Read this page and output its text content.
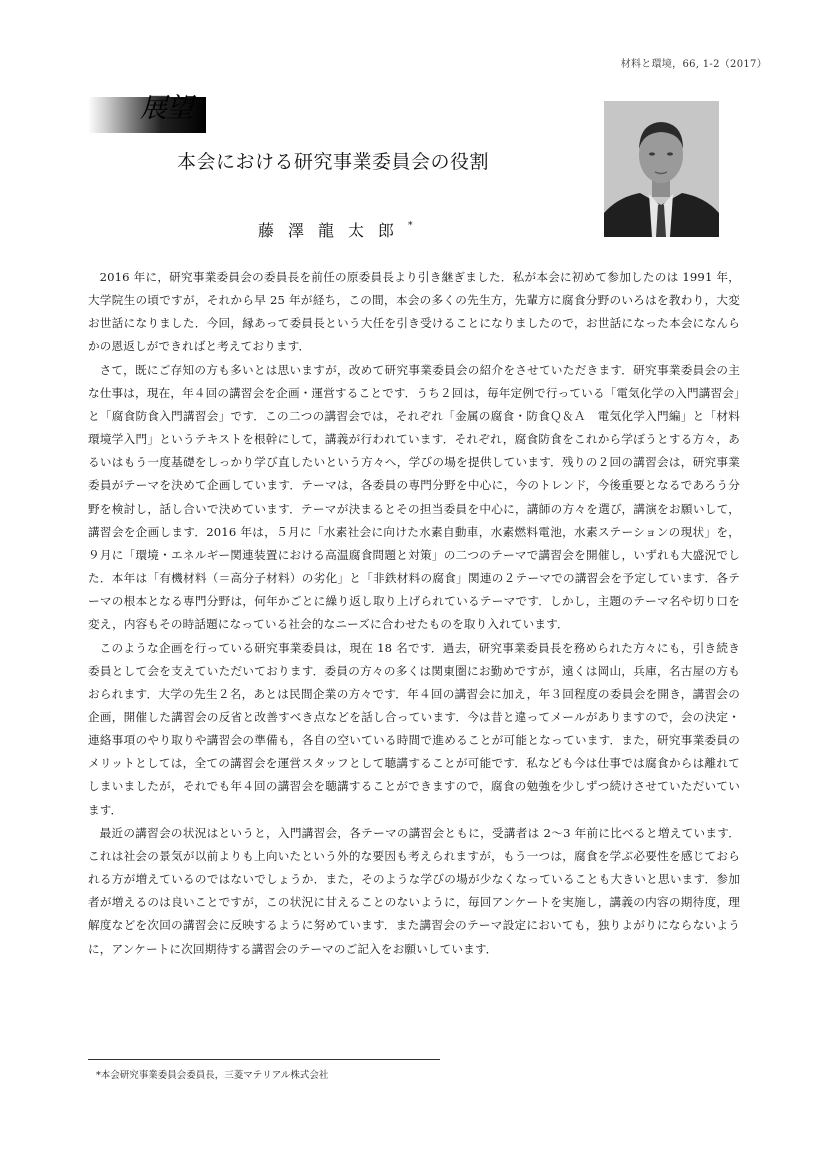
材料と環境，66, 1-2（2017）
展望
本会における研究事業委員会の役割
藤澤龍太郎*

2016 年に，研究事業委員会の委員長を前任の原委員長より引き継ぎました．私が本会に初めて参加したのは 1991 年，大学院生の頃ですが，それから早 25 年が経ち，この間，本会の多くの先生方，先輩方に腐食分野のいろはを教わり，大変お世話になりました．今回，縁あって委員長という大任を引き受けることになりましたので，お世話になった本会になんらかの恩返しができればと考えております．

さて，既にご存知の方も多いとは思いますが，改めて研究事業委員会の紹介をさせていただきます．研究事業委員会の主な仕事は，現在，年４回の講習会を企画・運営することです．うち２回は，毎年定例で行っている「電気化学の入門講習会」と「腐食防食入門講習会」です．この二つの講習会では，それぞれ「金属の腐食・防食Ｑ＆Ａ　電気化学入門編」と「材料環境学入門」というテキストを根幹にして，講義が行われています．それぞれ，腐食防食をこれから学ぼうとする方々，あるいはもう一度基礎をしっかり学び直したいという方々へ，学びの場を提供しています．残りの２回の講習会は，研究事業委員がテーマを決めて企画しています．テーマは，各委員の専門分野を中心に，今のトレンド，今後重要となるであろう分野を検討し，話し合いで決めています．テーマが決まるとその担当委員を中心に，講師の方々を選び，講演をお願いして，講習会を企画します．2016 年は，５月に「水素社会に向けた水素自動車，水素燃料電池，水素ステーションの現状」を，９月に「環境・エネルギー関連装置における高温腐食問題と対策」の二つのテーマで講習会を開催し，いずれも大盛況でした．本年は「有機材料（＝高分子材料）の劣化」と「非鉄材料の腐食」関連の２テーマでの講習会を予定しています．各テーマの根本となる専門分野は，何年かごとに繰り返し取り上げられているテーマです．しかし，主題のテーマ名や切り口を変え，内容もその時話題になっている社会的なニーズに合わせたものを取り入れています．

このような企画を行っている研究事業委員は，現在 18 名です．過去，研究事業委員長を務められた方々にも，引き続き委員として会を支えていただいております．委員の方々の多くは関東圏にお勤めですが，遠くは岡山，兵庫，名古屋の方もおられます．大学の先生２名，あとは民間企業の方々です．年４回の講習会に加え，年３回程度の委員会を開き，講習会の企画，開催した講習会の反省と改善すべき点などを話し合っています．今は昔と違ってメールがありますので，会の決定・連絡事項のやり取りや講習会の準備も，各自の空いている時間で進めることが可能となっています．また，研究事業委員のメリットとしては，全ての講習会を運営スタッフとして聴講することが可能です．私なども今は仕事では腐食からは離れてしまいましたが，それでも年４回の講習会を聴講することができますので，腐食の勉強を少しずつ続けさせていただいています．

最近の講習会の状況はというと，入門講習会，各テーマの講習会ともに，受講者は 2〜3 年前に比べると増えています．これは社会の景気が以前よりも上向いたという外的な要因も考えられますが，もう一つは，腐食を学ぶ必要性を感じておられる方が増えているのではないでしょうか．また，そのような学びの場が少なくなっていることも大きいと思います．参加者が増えるのは良いことですが，この状況に甘えることのないように，毎回アンケートを実施し，講義の内容の期待度，理解度などを次回の講習会に反映するように努めています．また講習会のテーマ設定においても，独りよがりにならないように，アンケートに次回期待する講習会のテーマのご記入をお願いしています．

*本会研究事業委員会委員長，三菱マテリアル株式会社
